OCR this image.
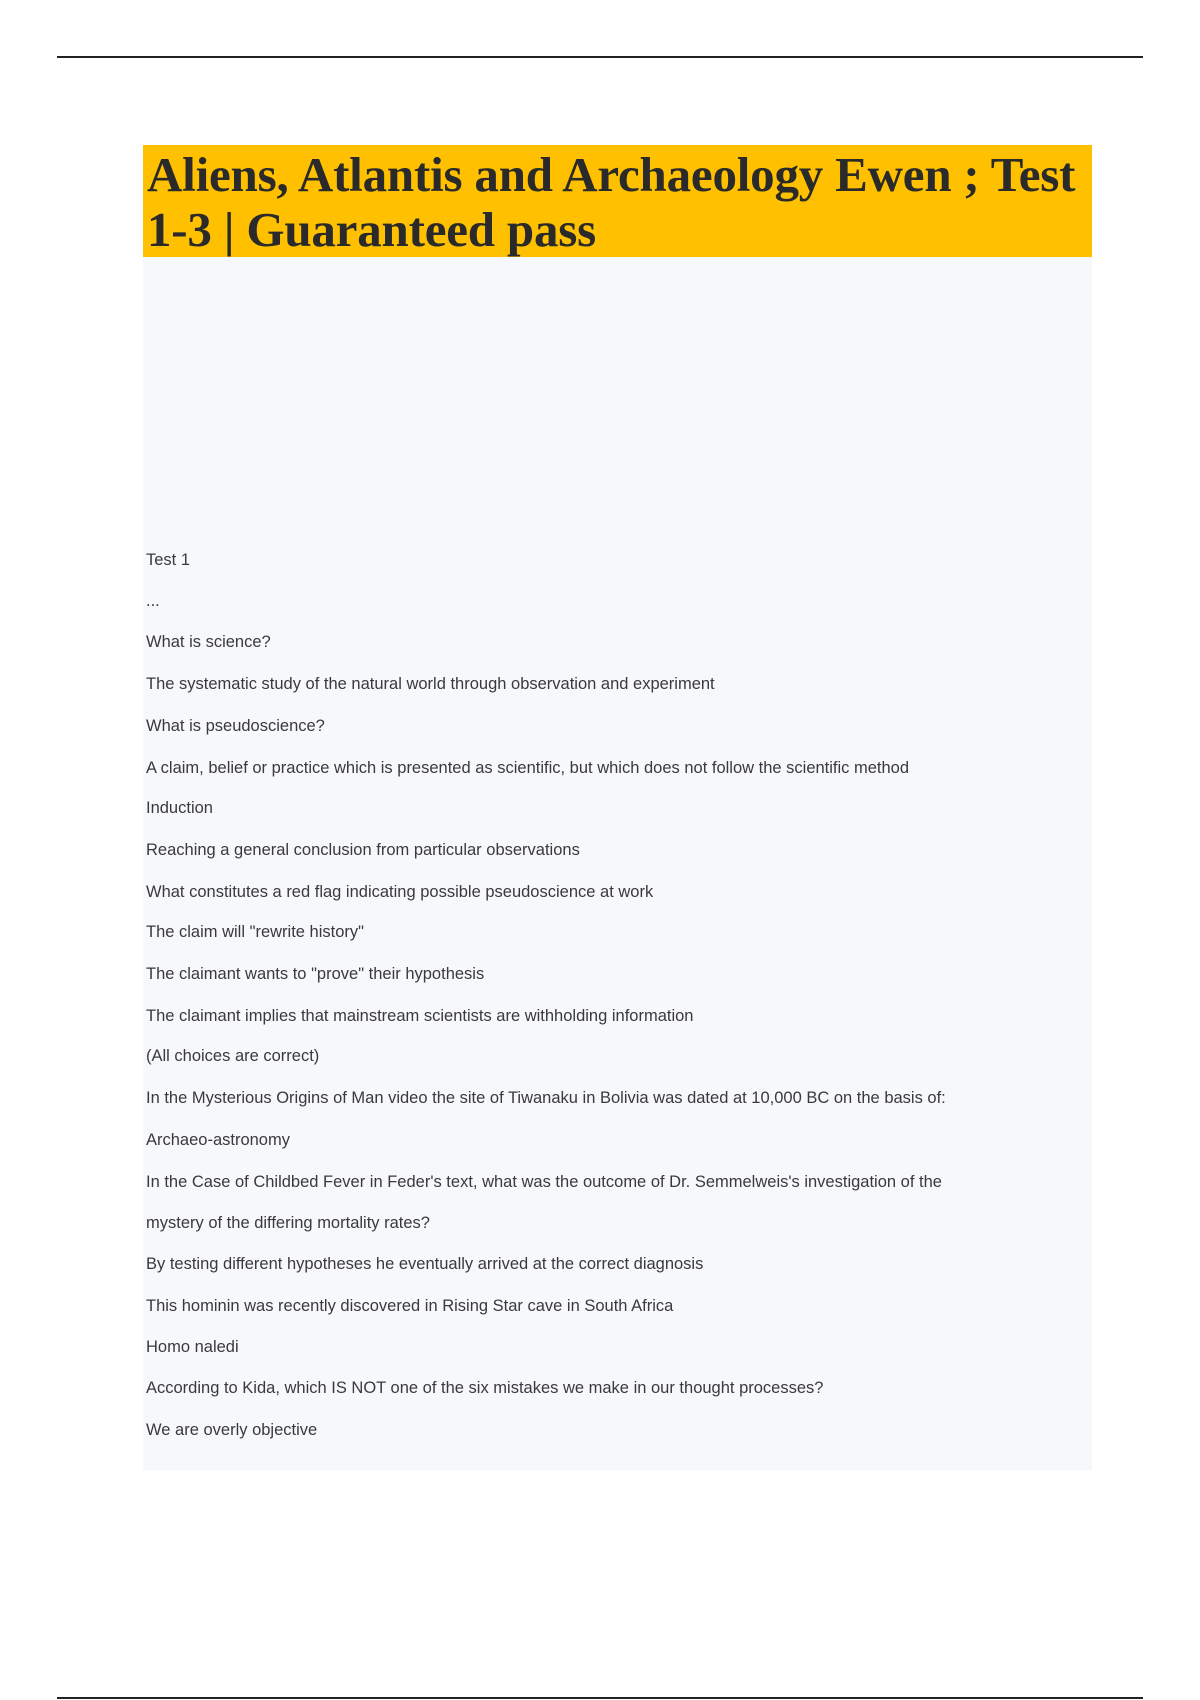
Aliens, Atlantis and Archaeology Ewen ; Test 1-3 | Guaranteed pass
Test 1
...
What is science?
The systematic study of the natural world through observation and experiment
What is pseudoscience?
A claim, belief or practice which is presented as scientific, but which does not follow the scientific method
Induction
Reaching a general conclusion from particular observations
What constitutes a red flag indicating possible pseudoscience at work
The claim will "rewrite history"
The claimant wants to "prove" their hypothesis
The claimant implies that mainstream scientists are withholding information
(All choices are correct)
In the Mysterious Origins of Man video the site of Tiwanaku in Bolivia was dated at 10,000 BC on the basis of:
Archaeo-astronomy
In the Case of Childbed Fever in Feder's text, what was the outcome of Dr. Semmelweis's investigation of the
mystery of the differing mortality rates?
By testing different hypotheses he eventually arrived at the correct diagnosis
This hominin was recently discovered in Rising Star cave in South Africa
Homo naledi
According to Kida, which IS NOT one of the six mistakes we make in our thought processes?
We are overly objective
